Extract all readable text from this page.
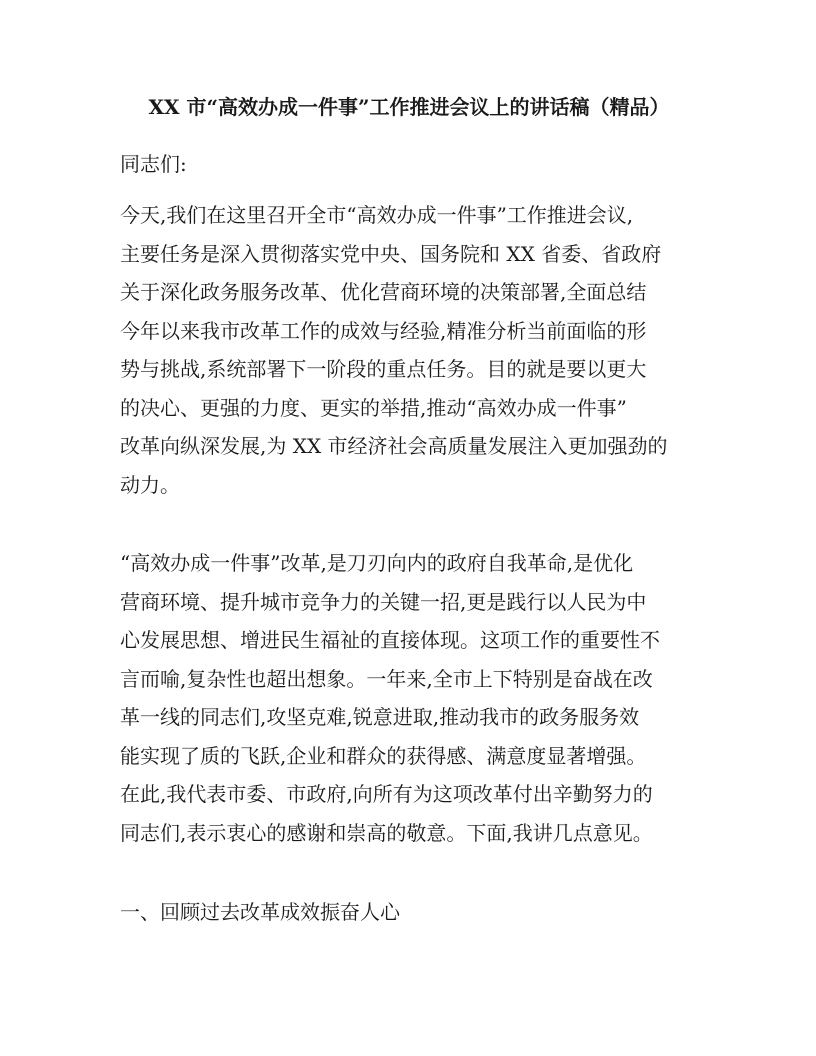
XX 市“高效办成一件事”工作推进会议上的讲话稿（精品）
同志们:
今天,我们在这里召开全市“高效办成一件事”工作推进会议,
主要任务是深入贯彻落实党中央、国务院和 XX 省委、省政府
关于深化政务服务改革、优化营商环境的决策部署,全面总结
今年以来我市改革工作的成效与经验,精准分析当前面临的形
势与挑战,系统部署下一阶段的重点任务。目的就是要以更大
的决心、更强的力度、更实的举措,推动“高效办成一件事”
改革向纵深发展,为 XX 市经济社会高质量发展注入更加强劲的
动力。
“高效办成一件事”改革,是刀刃向内的政府自我革命,是优化
营商环境、提升城市竞争力的关键一招,更是践行以人民为中
心发展思想、增进民生福祉的直接体现。这项工作的重要性不
言而喻,复杂性也超出想象。一年来,全市上下特别是奋战在改
革一线的同志们,攻坚克难,锐意进取,推动我市的政务服务效
能实现了质的飞跃,企业和群众的获得感、满意度显著增强。
在此,我代表市委、市政府,向所有为这项改革付出辛勤努力的
同志们,表示衷心的感谢和崇高的敬意。下面,我讲几点意见。
一、回顾过去改革成效振奋人心
